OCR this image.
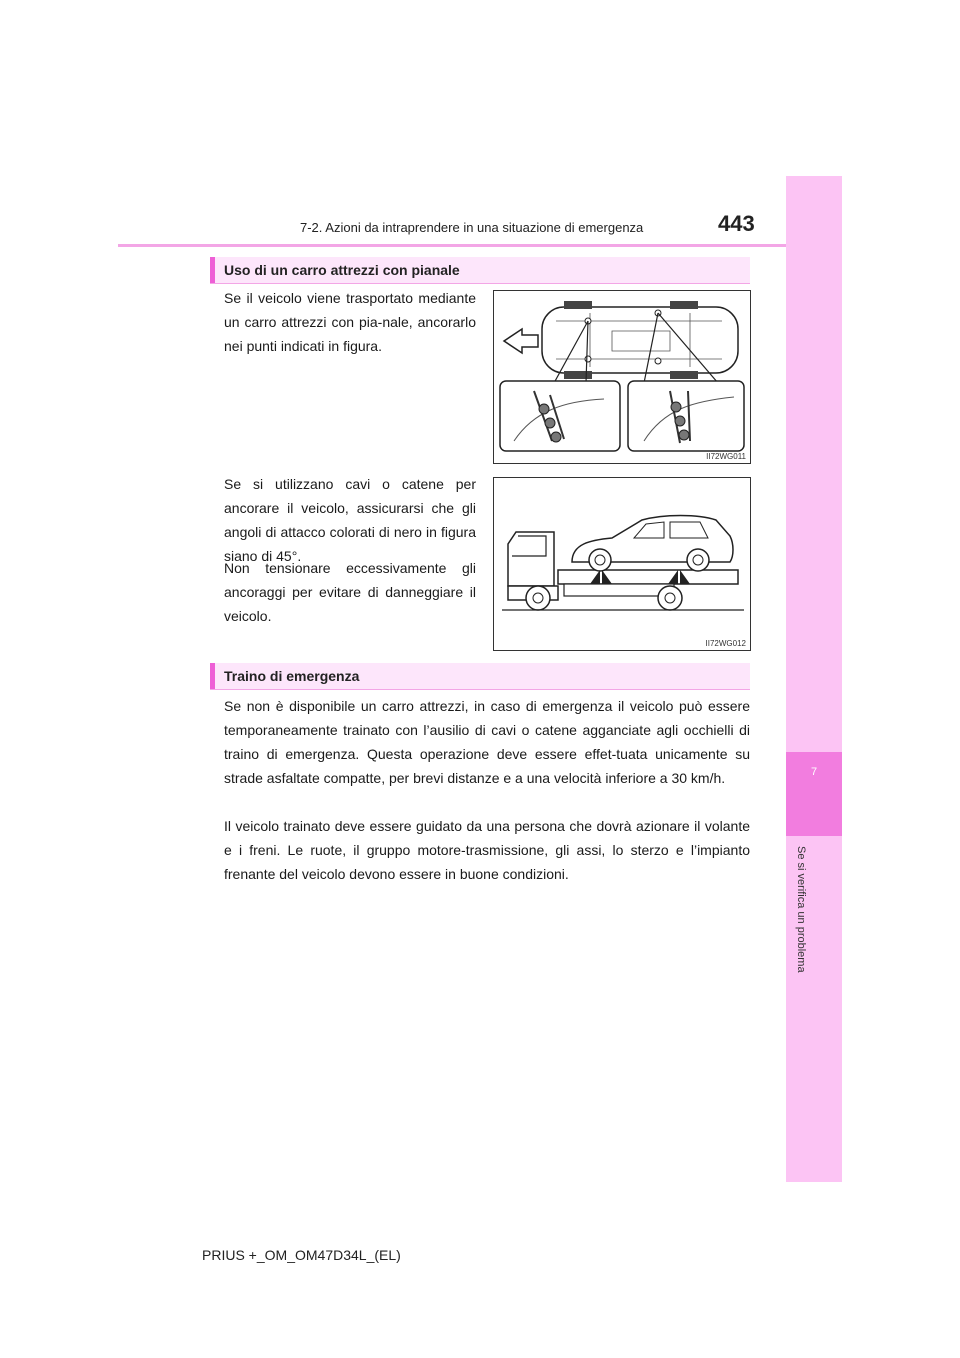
7-2. Azioni da intraprendere in una situazione di emergenza	443
7
Se si verifica un problema
Uso di un carro attrezzi con pianale

Se il veicolo viene trasportato mediante un carro attrezzi con pia-nale, ancorarlo nei punti indicati in figura.

Se si utilizzano cavi o catene per ancorare il veicolo, assicurarsi che gli angoli di attacco colorati di nero in figura siano di 45°.

Non tensionare eccessivamente gli ancoraggi per evitare di danneggiare il veicolo.

II72WG011
II72WG012
Traino di emergenza

Se non è disponibile un carro attrezzi, in caso di emergenza il veicolo può essere temporaneamente trainato con l’ausilio di cavi o catene agganciate agli occhielli di traino di emergenza. Questa operazione deve essere effet-tuata unicamente su strade asfaltate compatte, per brevi distanze e a una velocità inferiore a 30 km/h.

Il veicolo trainato deve essere guidato da una persona che dovrà azionare il volante e i freni. Le ruote, il gruppo motore-trasmissione, gli assi, lo sterzo e l’impianto frenante del veicolo devono essere in buone condizioni.

PRIUS +_OM_OM47D34L_(EL)
